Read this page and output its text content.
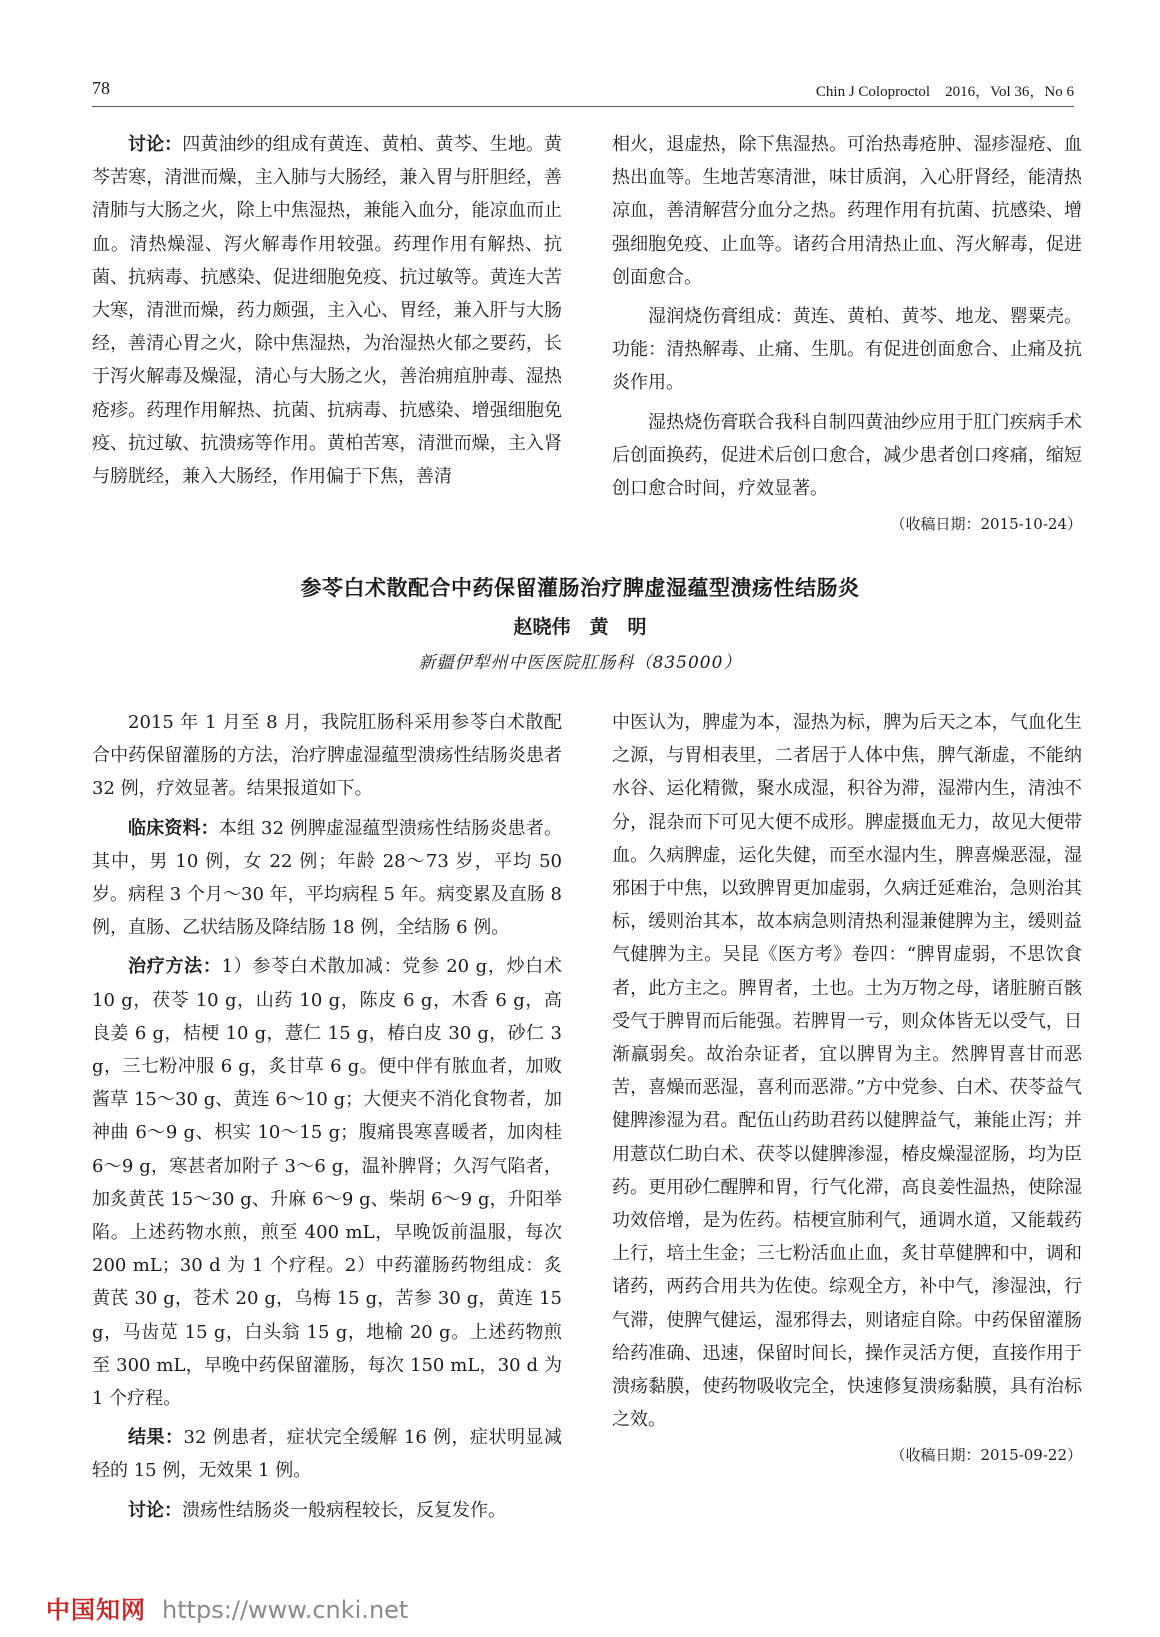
78	Chin J Coloproctol　2016，Vol 36，No 6

讨论：四黄油纱的组成有黄连、黄柏、黄芩、生地。黄芩苦寒，清泄而燥，主入肺与大肠经，兼入胃与肝胆经，善清肺与大肠之火，除上中焦湿热，兼能入血分，能凉血而止血。清热燥湿、泻火解毒作用较强。药理作用有解热、抗菌、抗病毒、抗感染、促进细胞免疫、抗过敏等。黄连大苦大寒，清泄而燥，药力颇强，主入心、胃经，兼入肝与大肠经，善清心胃之火，除中焦湿热，为治湿热火郁之要药，长于泻火解毒及燥湿，清心与大肠之火，善治痈疽肿毒、湿热疮疹。药理作用解热、抗菌、抗病毒、抗感染、增强细胞免疫、抗过敏、抗溃疡等作用。黄柏苦寒，清泄而燥，主入肾与膀胱经，兼入大肠经，作用偏于下焦，善清

相火，退虚热，除下焦湿热。可治热毒疮肿、湿疹湿疮、血热出血等。生地苦寒清泄，味甘质润，入心肝肾经，能清热凉血，善清解营分血分之热。药理作用有抗菌、抗感染、增强细胞免疫、止血等。诸药合用清热止血、泻火解毒，促进创面愈合。

湿润烧伤膏组成：黄连、黄柏、黄芩、地龙、罂粟壳。功能：清热解毒、止痛、生肌。有促进创面愈合、止痛及抗炎作用。

湿热烧伤膏联合我科自制四黄油纱应用于肛门疾病手术后创面换药，促进术后创口愈合，减少患者创口疼痛，缩短创口愈合时间，疗效显著。

（收稿日期：2015-10-24）

参苓白术散配合中药保留灌肠治疗脾虚湿蕴型溃疡性结肠炎
赵晓伟　黄　明
新疆伊犁州中医医院肛肠科（835000）

2015 年 1 月至 8 月，我院肛肠科采用参苓白术散配合中药保留灌肠的方法，治疗脾虚湿蕴型溃疡性结肠炎患者 32 例，疗效显著。结果报道如下。

临床资料：本组 32 例脾虚湿蕴型溃疡性结肠炎患者。其中，男 10 例，女 22 例；年龄 28～73 岁，平均 50 岁。病程 3 个月～30 年，平均病程 5 年。病变累及直肠 8 例，直肠、乙状结肠及降结肠 18 例，全结肠 6 例。

治疗方法：1）参苓白术散加减：党参 20 g，炒白术 10 g，茯苓 10 g，山药 10 g，陈皮 6 g，木香 6 g，高良姜 6 g，桔梗 10 g，薏仁 15 g，椿白皮 30 g，砂仁 3 g，三七粉冲服 6 g，炙甘草 6 g。便中伴有脓血者，加败酱草 15～30 g、黄连 6～10 g；大便夹不消化食物者，加神曲 6～9 g、枳实 10～15 g；腹痛畏寒喜暖者，加肉桂 6～9 g，寒甚者加附子 3～6 g，温补脾肾；久泻气陷者，加炙黄芪 15～30 g、升麻 6～9 g、柴胡 6～9 g，升阳举陷。上述药物水煎，煎至 400 mL，早晚饭前温服，每次 200 mL；30 d 为 1 个疗程。2）中药灌肠药物组成：炙黄芪 30 g，苍术 20 g，乌梅 15 g，苦参 30 g，黄连 15 g，马齿苋 15 g，白头翁 15 g，地榆 20 g。上述药物煎至 300 mL，早晚中药保留灌肠，每次 150 mL，30 d 为 1 个疗程。

结果：32 例患者，症状完全缓解 16 例，症状明显减轻的 15 例，无效果 1 例。

讨论：溃疡性结肠炎一般病程较长，反复发作。

中医认为，脾虚为本，湿热为标，脾为后天之本，气血化生之源，与胃相表里，二者居于人体中焦，脾气渐虚，不能纳水谷、运化精微，聚水成湿，积谷为滞，湿滞内生，清浊不分，混杂而下可见大便不成形。脾虚摄血无力，故见大便带血。久病脾虚，运化失健，而至水湿内生，脾喜燥恶湿，湿邪困于中焦，以致脾胃更加虚弱，久病迁延难治，急则治其标，缓则治其本，故本病急则清热利湿兼健脾为主，缓则益气健脾为主。吴昆《医方考》卷四：“脾胃虚弱，不思饮食者，此方主之。脾胃者，土也。土为万物之母，诸脏腑百骸受气于脾胃而后能强。若脾胃一亏，则众体皆无以受气，日渐羸弱矣。故治杂证者，宜以脾胃为主。然脾胃喜甘而恶苦，喜燥而恶湿，喜利而恶滞。”方中党参、白术、茯苓益气健脾渗湿为君。配伍山药助君药以健脾益气，兼能止泻；并用薏苡仁助白术、茯苓以健脾渗湿，椿皮燥湿涩肠，均为臣药。更用砂仁醒脾和胃，行气化滞，高良姜性温热，使除湿功效倍增，是为佐药。桔梗宣肺利气，通调水道，又能载药上行，培土生金；三七粉活血止血，炙甘草健脾和中，调和诸药，两药合用共为佐使。综观全方，补中气，渗湿浊，行气滞，使脾气健运，湿邪得去，则诸症自除。中药保留灌肠给药准确、迅速，保留时间长，操作灵活方便，直接作用于溃疡黏膜，使药物吸收完全，快速修复溃疡黏膜，具有治标之效。

（收稿日期：2015-09-22）

中国知网 https://www.cnki.net
